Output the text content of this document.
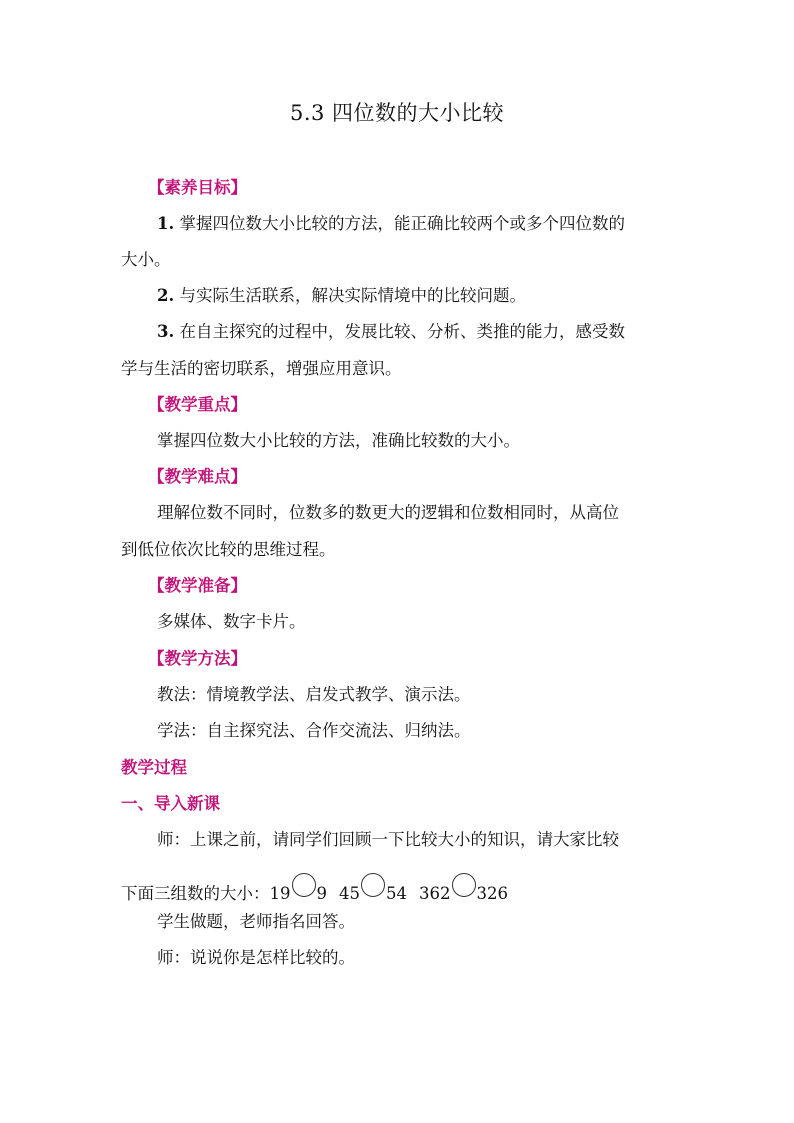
5.3 四位数的大小比较
【素养目标】
1. 掌握四位数大小比较的方法，能正确比较两个或多个四位数的
大小。
2. 与实际生活联系，解决实际情境中的比较问题。
3. 在自主探究的过程中，发展比较、分析、类推的能力，感受数
学与生活的密切联系，增强应用意识。
【教学重点】
掌握四位数大小比较的方法，准确比较数的大小。
【教学难点】
理解位数不同时，位数多的数更大的逻辑和位数相同时，从高位
到低位依次比较的思维过程。
【教学准备】
多媒体、数字卡片。
【教学方法】
教法：情境教学法、启发式教学、演示法。
学法：自主探究法、合作交流法、归纳法。
教学过程
一、导入新课
师：上课之前，请同学们回顾一下比较大小的知识，请大家比较
下面三组数的大小： 19 9 45 54 362 326
学生做题，老师指名回答。
师：说说你是怎样比较的。
